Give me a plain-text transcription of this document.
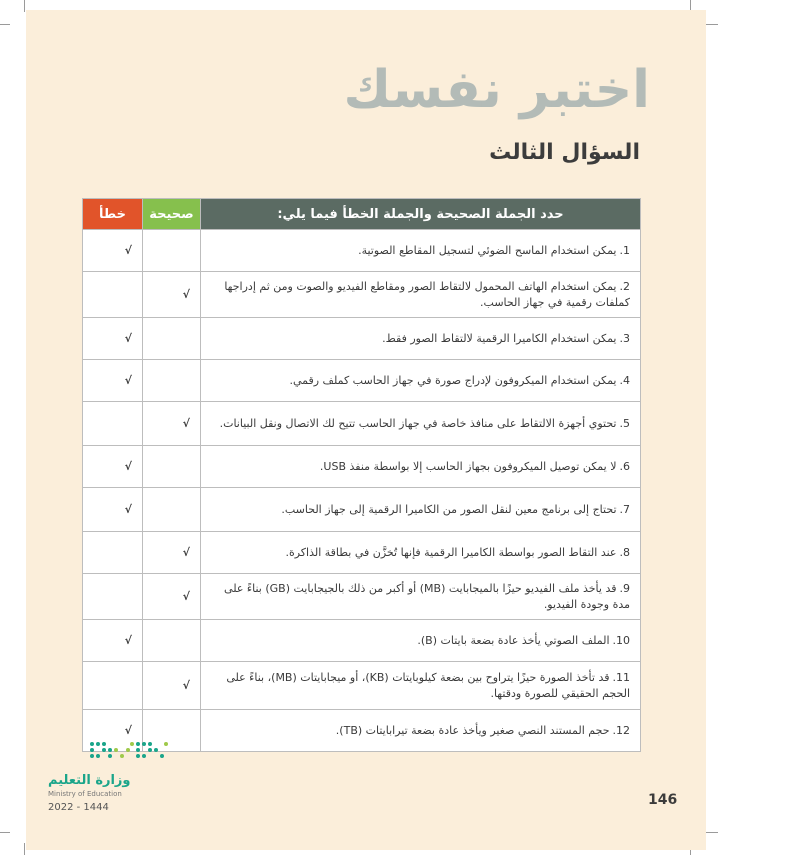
اختبر نفسك
السؤال الثالث
حدد الجملة الصحيحة والجملة الخطأ فيما يلي:	صحيحة	خطأ
1.يمكن استخدام الماسح الضوئي لتسجيل المقاطع الصوتية.		√
2.يمكن استخدام الهاتف المحمول لالتقاط الصور ومقاطع الفيديو والصوت ومن ثم إدراجها كملفات رقمية في جهاز الحاسب.	√	
3.يمكن استخدام الكاميرا الرقمية لالتقاط الصور فقط.		√
4.يمكن استخدام الميكروفون لإدراج صورة في جهاز الحاسب كملف رقمي.		√
5.تحتوي أجهزة الالتقاط على منافذ خاصة في جهاز الحاسب تتيح لك الاتصال ونقل البيانات.	√	
6.لا يمكن توصيل الميكروفون بجهاز الحاسب إلا بواسطة منفذ USB.		√
7.تحتاج إلى برنامج معين لنقل الصور من الكاميرا الرقمية إلى جهاز الحاسب.		√
8.عند التقاط الصور بواسطة الكاميرا الرقمية فإنها تُخزَّن في بطاقة الذاكرة.	√	
9.قد يأخذ ملف الفيديو حيزًا بالميجابايت (MB) أو أكبر من ذلك بالجيجابايت (GB) بناءً على مدة وجودة الفيديو.	√	
10.الملف الصوتي يأخذ عادة بضعة بايتات (B).		√
11.قد تأخذ الصورة حيزًا يتراوح بين بضعة كيلوبايتات (KB)، أو ميجابايتات (MB)، بناءً على الحجم الحقيقي للصورة ودقتها.	√	
12.حجم المستند النصي صغير ويأخذ عادة بضعة تيرابايتات (TB).		√
وزارة التعليم
Ministry of Education
2022 - 1444	146
